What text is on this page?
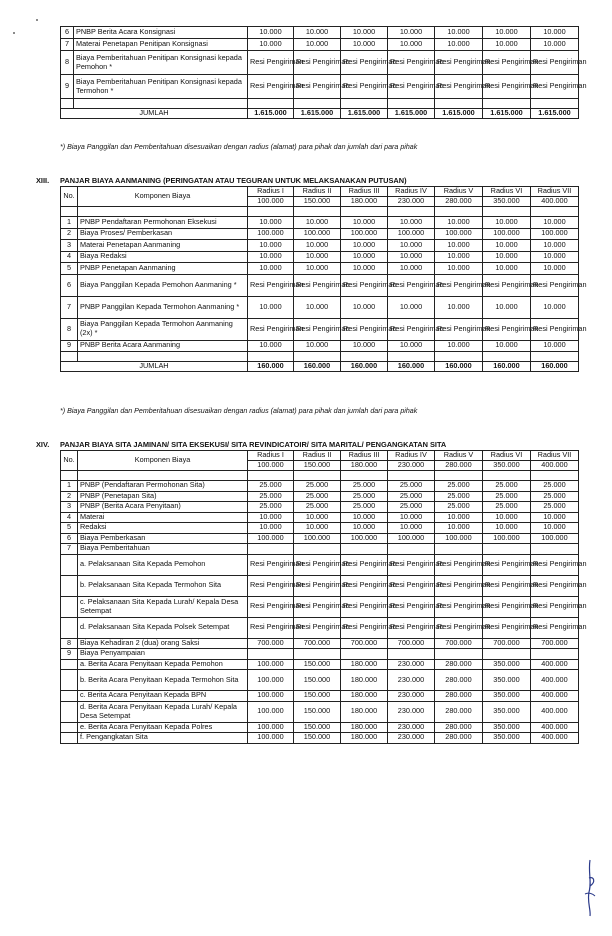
6	PNBP Berita Acara Konsignasi	10.000	10.000	10.000	10.000	10.000	10.000	10.000
7	Materai Penetapan Penitipan Konsignasi	10.000	10.000	10.000	10.000	10.000	10.000	10.000
8	Biaya Pemberitahuan Penitipan Konsignasi kepada Pemohon *	Resi Pengiriman	Resi Pengiriman	Resi Pengiriman	Resi Pengiriman	Resi Pengiriman	Resi Pengiriman	Resi Pengiriman
9	Biaya Pemberitahuan Penitipan Konsignasi kepada Termohon *	Resi Pengiriman	Resi Pengiriman	Resi Pengiriman	Resi Pengiriman	Resi Pengiriman	Resi Pengiriman	Resi Pengiriman

JUMLAH		1.615.000	1.615.000	1.615.000	1.615.000	1.615.000	1.615.000	1.615.000
*) Biaya Panggilan dan Pemberitahuan disesuaikan dengan radius (alamat) para pihak dan jumlah dari para pihak
XIII. PANJAR BIAYA AANMANING (PERINGATAN ATAU TEGURAN UNTUK MELAKSANAKAN PUTUSAN)
No.	Komponen Biaya	Radius I	Radius II	Radius III	Radius IV	Radius V	Radius VI	Radius VII
		100.000	150.000	180.000	230.000	280.000	350.000	400.000

1	PNBP Pendaftaran Permohonan Eksekusi	10.000	10.000	10.000	10.000	10.000	10.000	10.000
2	Biaya Proses/ Pemberkasan	100.000	100.000	100.000	100.000	100.000	100.000	100.000
3	Materai Penetapan Aanmaning	10.000	10.000	10.000	10.000	10.000	10.000	10.000
4	Biaya Redaksi	10.000	10.000	10.000	10.000	10.000	10.000	10.000
5	PNBP Penetapan Aanmaning	10.000	10.000	10.000	10.000	10.000	10.000	10.000
6	Biaya Panggilan Kepada Pemohon Aanmaning *	Resi Pengiriman	Resi Pengiriman	Resi Pengiriman	Resi Pengiriman	Resi Pengiriman	Resi Pengiriman	Resi Pengiriman
7	PNBP Panggilan Kepada Termohon Aanmaning *	10.000	10.000	10.000	10.000	10.000	10.000	10.000
8	Biaya Panggilan Kepada Termohon Aanmaning (2x) *	Resi Pengiriman	Resi Pengiriman	Resi Pengiriman	Resi Pengiriman	Resi Pengiriman	Resi Pengiriman	Resi Pengiriman
9	PNBP Berita Acara Aanmaning	10.000	10.000	10.000	10.000	10.000	10.000	10.000

JUMLAH		160.000	160.000	160.000	160.000	160.000	160.000	160.000
*) Biaya Panggilan dan Pemberitahuan disesuaikan dengan radius (alamat) para pihak dan jumlah dari para pihak
XIV. PANJAR BIAYA SITA JAMINAN/ SITA EKSEKUSI/ SITA REVINDICATOIR/ SITA MARITAL/ PENGANGKATAN SITA
No.	Komponen Biaya	Radius I	Radius II	Radius III	Radius IV	Radius V	Radius VI	Radius VII
		100.000	150.000	180.000	230.000	280.000	350.000	400.000

1	PNBP (Pendaftaran Permohonan Sita)	25.000	25.000	25.000	25.000	25.000	25.000	25.000
2	PNBP (Penetapan Sita)	25.000	25.000	25.000	25.000	25.000	25.000	25.000
3	PNBP (Berita Acara Penyitaan)	25.000	25.000	25.000	25.000	25.000	25.000	25.000
4	Materai	10.000	10.000	10.000	10.000	10.000	10.000	10.000
5	Redaksi	10.000	10.000	10.000	10.000	10.000	10.000	10.000
6	Biaya Pemberkasan	100.000	100.000	100.000	100.000	100.000	100.000	100.000
7	Biaya Pemberitahuan							
	a. Pelaksanaan Sita Kepada Pemohon	Resi Pengiriman	Resi Pengiriman	Resi Pengiriman	Resi Pengiriman	Resi Pengiriman	Resi Pengiriman	Resi Pengiriman
	b. Pelaksanaan Sita Kepada Termohon Sita	Resi Pengiriman	Resi Pengiriman	Resi Pengiriman	Resi Pengiriman	Resi Pengiriman	Resi Pengiriman	Resi Pengiriman
	c. Pelaksanaan Sita Kepada Lurah/ Kepala Desa Setempat	Resi Pengiriman	Resi Pengiriman	Resi Pengiriman	Resi Pengiriman	Resi Pengiriman	Resi Pengiriman	Resi Pengiriman
	d. Pelaksanaan Sita Kepada Polsek Setempat	Resi Pengiriman	Resi Pengiriman	Resi Pengiriman	Resi Pengiriman	Resi Pengiriman	Resi Pengiriman	Resi Pengiriman
8	Biaya Kehadiran 2 (dua) orang Saksi	700.000	700.000	700.000	700.000	700.000	700.000	700.000
9	Biaya Penyampaian							
	a. Berita Acara Penyitaan Kepada Pemohon	100.000	150.000	180.000	230.000	280.000	350.000	400.000
	b. Berita Acara Penyitaan Kepada Termohon Sita	100.000	150.000	180.000	230.000	280.000	350.000	400.000
	c. Berita Acara Penyitaan Kepada BPN	100.000	150.000	180.000	230.000	280.000	350.000	400.000
	d. Berita Acara Penyitaan Kepada Lurah/ Kepala Desa Setempat	100.000	150.000	180.000	230.000	280.000	350.000	400.000
	e. Berita Acara Penyitaan Kepada Polres	100.000	150.000	180.000	230.000	280.000	350.000	400.000
	f. Pengangkatan Sita	100.000	150.000	180.000	230.000	280.000	350.000	400.000
